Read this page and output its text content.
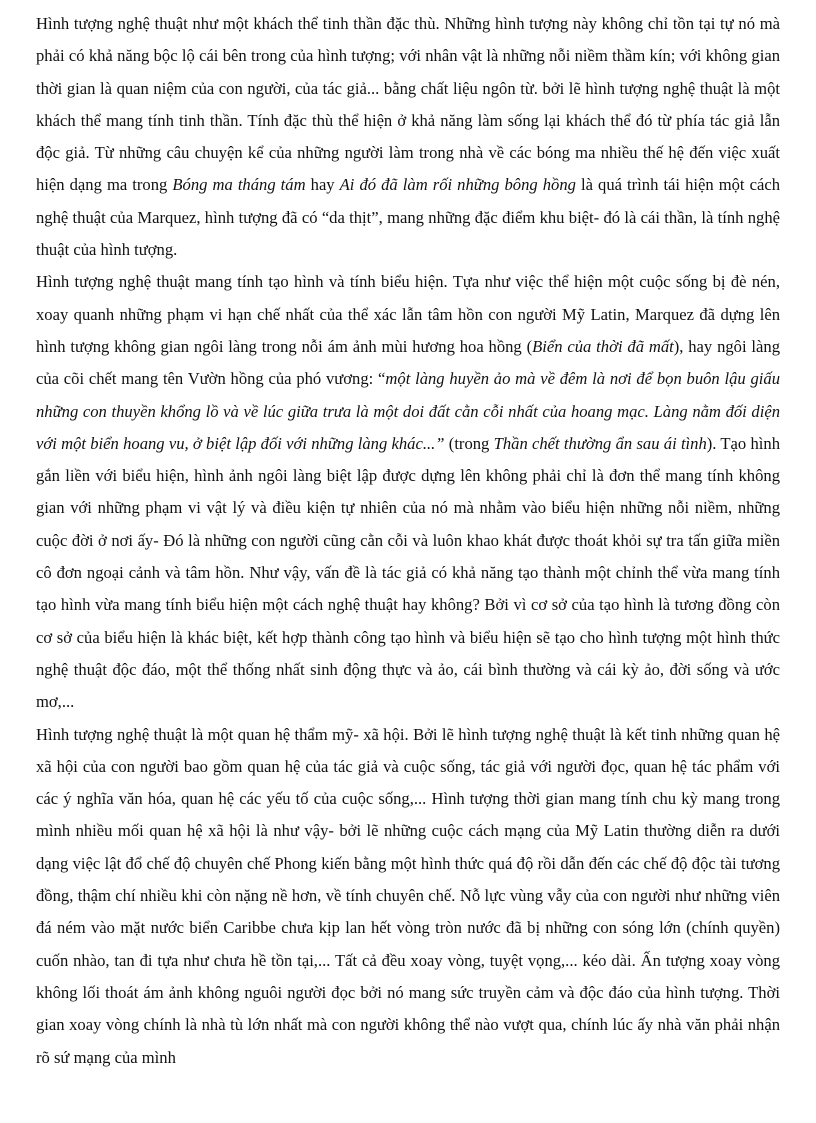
Hình tượng nghệ thuật như một khách thể tinh thần đặc thù. Những hình tượng này không chỉ tồn tại tự nó mà phải có khả năng bộc lộ cái bên trong của hình tượng; với nhân vật là những nỗi niềm thầm kín; với không gian thời gian là quan niệm của con người, của tác giả... bằng chất liệu ngôn từ. bởi lẽ hình tượng nghệ thuật là một khách thể mang tính tinh thần. Tính đặc thù thể hiện ở khả năng làm sống lại khách thể đó từ phía tác giả lẫn độc giả. Từ những câu chuyện kể của những người làm trong nhà về các bóng ma nhiều thế hệ đến việc xuất hiện dạng ma trong Bóng ma tháng tám hay Ai đó đã làm rối những bông hồng là quá trình tái hiện một cách nghệ thuật của Marquez, hình tượng đã có “da thịt”, mang những đặc điểm khu biệt- đó là cái thần, là tính nghệ thuật của hình tượng.

Hình tượng nghệ thuật mang tính tạo hình và tính biểu hiện. Tựa như việc thể hiện một cuộc sống bị đè nén, xoay quanh những phạm vi hạn chế nhất của thể xác lẫn tâm hồn con người Mỹ Latin, Marquez đã dựng lên hình tượng không gian ngôi làng trong nỗi ám ảnh mùi hương hoa hồng (Biển của thời đã mất), hay ngôi làng của cõi chết mang tên Vườn hồng của phó vương: “một làng huyền ảo mà về đêm là nơi để bọn buôn lậu giấu những con thuyền khổng lồ và về lúc giữa trưa là một doi đất cằn cỗi nhất của hoang mạc. Làng nằm đối diện với một biển hoang vu, ở biệt lập đối với những làng khác...” (trong Thần chết thường ẩn sau ái tình). Tạo hình gắn liền với biểu hiện, hình ảnh ngôi làng biệt lập được dựng lên không phải chỉ là đơn thể mang tính không gian với những phạm vi vật lý và điều kiện tự nhiên của nó mà nhằm vào biểu hiện những nỗi niềm, những cuộc đời ở nơi ấy- Đó là những con người cũng cằn cỗi và luôn khao khát được thoát khỏi sự tra tấn giữa miền cô đơn ngoại cảnh và tâm hồn. Như vậy, vấn đề là tác giả có khả năng tạo thành một chỉnh thể vừa mang tính tạo hình vừa mang tính biểu hiện một cách nghệ thuật hay không? Bởi vì cơ sở của tạo hình là tương đồng còn cơ sở của biểu hiện là khác biệt, kết hợp thành công tạo hình và biểu hiện sẽ tạo cho hình tượng một hình thức nghệ thuật độc đáo, một thể thống nhất sinh động thực và ảo, cái bình thường và cái kỳ ảo, đời sống và ước mơ,...

Hình tượng nghệ thuật là một quan hệ thẩm mỹ- xã hội. Bởi lẽ hình tượng nghệ thuật là kết tinh những quan hệ xã hội của con người bao gồm quan hệ của tác giả và cuộc sống, tác giả với người đọc, quan hệ tác phẩm với các ý nghĩa văn hóa, quan hệ các yếu tố của cuộc sống,... Hình tượng thời gian mang tính chu kỳ mang trong mình nhiều mối quan hệ xã hội là như vậy- bởi lẽ những cuộc cách mạng của Mỹ Latin thường diễn ra dưới dạng việc lật đổ chế độ chuyên chế Phong kiến bằng một hình thức quá độ rồi dẫn đến các chế độ độc tài tương đồng, thậm chí nhiều khi còn nặng nề hơn, về tính chuyên chế. Nỗ lực vùng vẫy của con người như những viên đá ném vào mặt nước biển Caribbe chưa kịp lan hết vòng tròn nước đã bị những con sóng lớn (chính quyền) cuốn nhào, tan đi tựa như chưa hề tồn tại,... Tất cả đều xoay vòng, tuyệt vọng,... kéo dài. Ấn tượng xoay vòng không lối thoát ám ảnh không nguôi người đọc bởi nó mang sức truyền cảm và độc đáo của hình tượng. Thời gian xoay vòng chính là nhà tù lớn nhất mà con người không thể nào vượt qua, chính lúc ấy nhà văn phải nhận rõ sứ mạng của mình
